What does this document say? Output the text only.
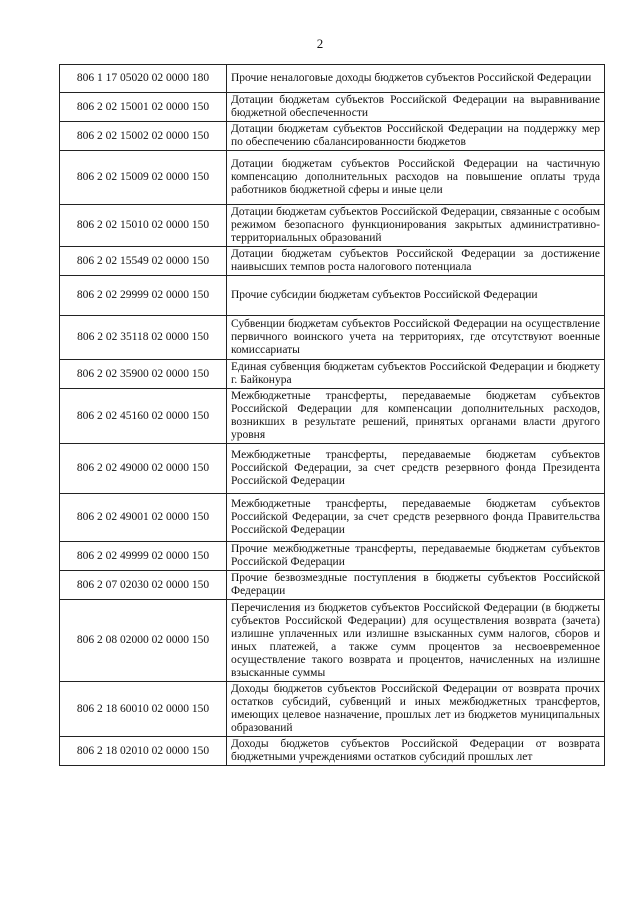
2
806 1 17 05020 02 0000 180	Прочие неналоговые доходы бюджетов субъектов Российской Федерации
806 2 02 15001 02 0000 150	Дотации бюджетам субъектов Российской Федерации на выравнивание бюджетной обеспеченности
806 2 02 15002 02 0000 150	Дотации бюджетам субъектов Российской Федерации на поддержку мер по обеспечению сбалансированности бюджетов
806 2 02 15009 02 0000 150	Дотации бюджетам субъектов Российской Федерации на частичную компенсацию дополнительных расходов на повышение оплаты труда работников бюджетной сферы и иные цели
806 2 02 15010 02 0000 150	Дотации бюджетам субъектов Российской Федерации, связанные с особым режимом безопасного функционирования закрытых административно-территориальных образований
806 2 02 15549 02 0000 150	Дотации бюджетам субъектов Российской Федерации за достижение наивысших темпов роста налогового потенциала
806 2 02 29999 02 0000 150	Прочие субсидии бюджетам субъектов Российской Федерации
806 2 02 35118 02 0000 150	Субвенции бюджетам субъектов Российской Федерации на осуществление первичного воинского учета на территориях, где отсутствуют военные комиссариаты
806 2 02 35900 02 0000 150	Единая субвенция бюджетам субъектов Российской Федерации и бюджету г. Байконура
806 2 02 45160 02 0000 150	Межбюджетные трансферты, передаваемые бюджетам субъектов Российской Федерации для компенсации дополнительных расходов, возникших в результате решений, принятых органами власти другого уровня
806 2 02 49000 02 0000 150	Межбюджетные трансферты, передаваемые бюджетам субъектов Российской Федерации, за счет средств резервного фонда Президента Российской Федерации
806 2 02 49001 02 0000 150	Межбюджетные трансферты, передаваемые бюджетам субъектов Российской Федерации, за счет средств резервного фонда Правительства Российской Федерации
806 2 02 49999 02 0000 150	Прочие межбюджетные трансферты, передаваемые бюджетам субъектов Российской Федерации
806 2 07 02030 02 0000 150	Прочие безвозмездные поступления в бюджеты субъектов Российской Федерации
806 2 08 02000 02 0000 150	Перечисления из бюджетов субъектов Российской Федерации (в бюджеты субъектов Российской Федерации) для осуществления возврата (зачета) излишне уплаченных или излишне взысканных сумм налогов, сборов и иных платежей, а также сумм процентов за несвоевременное осуществление такого возврата и процентов, начисленных на излишне взысканные суммы
806 2 18 60010 02 0000 150	Доходы бюджетов субъектов Российской Федерации от возврата прочих остатков субсидий, субвенций и иных межбюджетных трансфертов, имеющих целевое назначение, прошлых лет из бюджетов муниципальных образований
806 2 18 02010 02 0000 150	Доходы бюджетов субъектов Российской Федерации от возврата бюджетными учреждениями остатков субсидий прошлых лет
